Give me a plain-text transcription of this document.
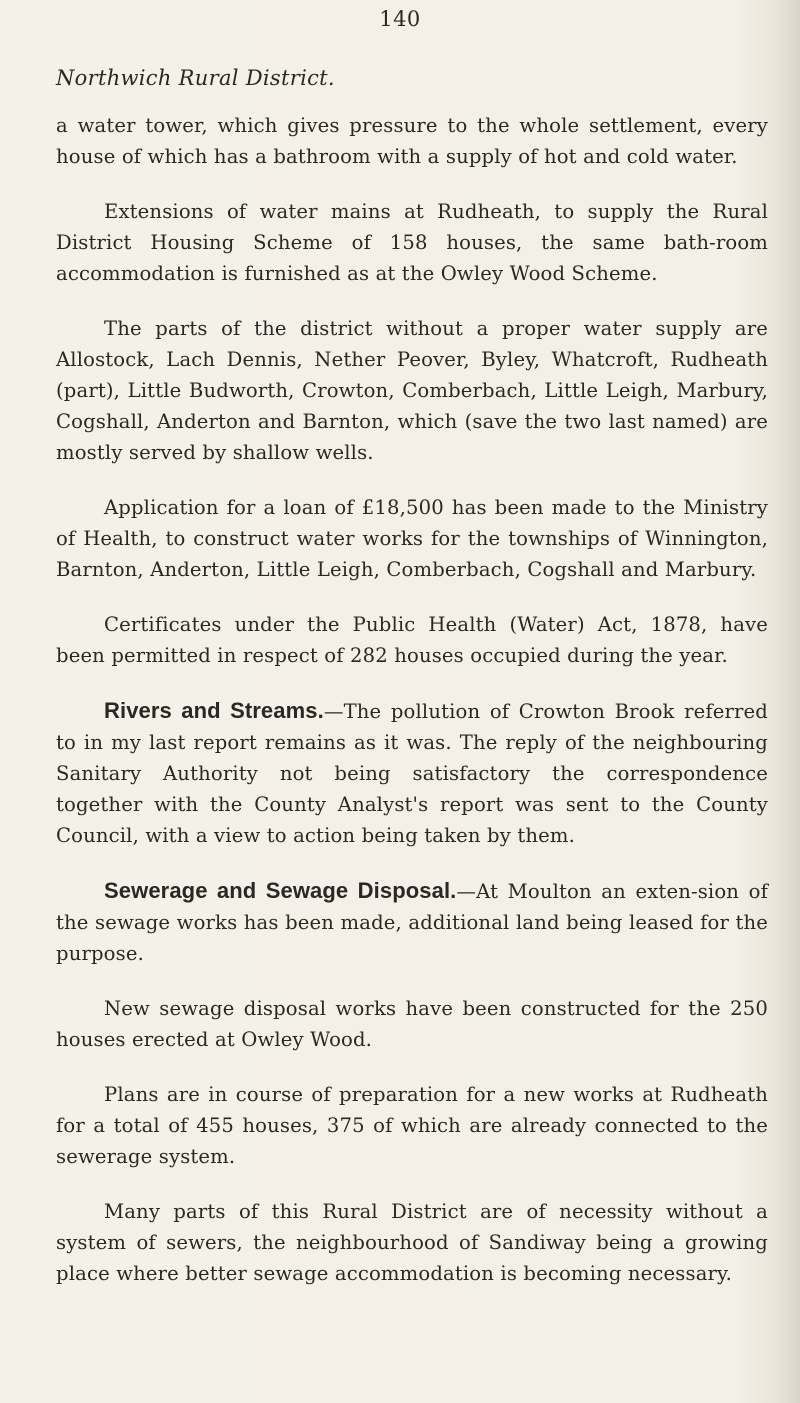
140
Northwich Rural District.

a water tower, which gives pressure to the whole settlement, every house of which has a bathroom with a supply of hot and cold water.

Extensions of water mains at Rudheath, to supply the Rural District Housing Scheme of 158 houses, the same bath-room accommodation is furnished as at the Owley Wood Scheme.

The parts of the district without a proper water supply are Allostock, Lach Dennis, Nether Peover, Byley, Whatcroft, Rudheath (part), Little Budworth, Crowton, Comberbach, Little Leigh, Marbury, Cogshall, Anderton and Barnton, which (save the two last named) are mostly served by shallow wells.

Application for a loan of £18,500 has been made to the Ministry of Health, to construct water works for the townships of Winnington, Barnton, Anderton, Little Leigh, Comberbach, Cogshall and Marbury.

Certificates under the Public Health (Water) Act, 1878, have been permitted in respect of 282 houses occupied during the year.

Rivers and Streams.—The pollution of Crowton Brook referred to in my last report remains as it was. The reply of the neighbouring Sanitary Authority not being satisfactory the correspondence together with the County Analyst's report was sent to the County Council, with a view to action being taken by them.

Sewerage and Sewage Disposal.—At Moulton an exten-sion of the sewage works has been made, additional land being leased for the purpose.

New sewage disposal works have been constructed for the 250 houses erected at Owley Wood.

Plans are in course of preparation for a new works at Rudheath for a total of 455 houses, 375 of which are already connected to the sewerage system.

Many parts of this Rural District are of necessity without a system of sewers, the neighbourhood of Sandiway being a growing place where better sewage accommodation is becoming necessary.
